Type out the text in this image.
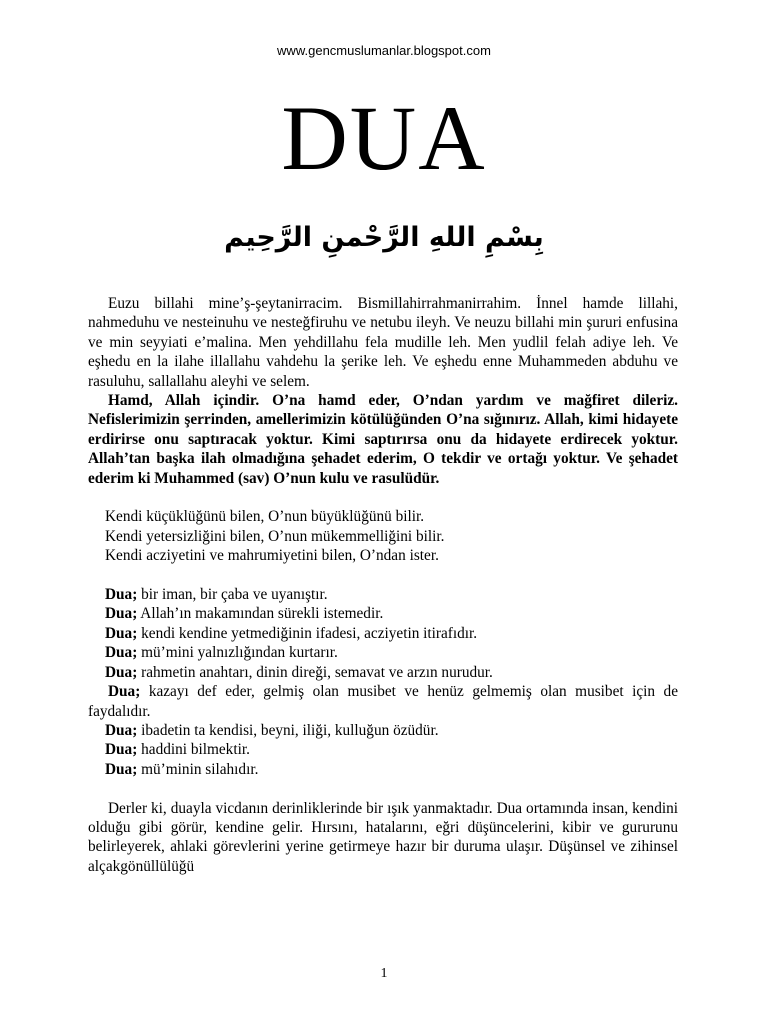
www.gencmuslumanlar.blogspot.com
DUA
بِسْمِ اللهِ الرَّحْمنِ الرَّحِيم

Euzu billahi mine’ş-şeytanirracim. Bismillahirrahmanirrahim. İnnel hamde lillahi, nahmeduhu ve nesteinuhu ve nesteğfiruhu ve netubu ileyh. Ve neuzu billahi min şururi enfusina ve min seyyiati e’malina. Men yehdillahu fela mudille leh. Men yudlil felah adiye leh. Ve eşhedu en la ilahe illallahu vahdehu la şerike leh. Ve eşhedu enne Muhammeden abduhu ve rasuluhu, sallallahu aleyhi ve selem.

Hamd, Allah içindir. O’na hamd eder, O’ndan yardım ve mağfiret dileriz. Nefislerimizin şerrinden, amellerimizin kötülüğünden O’na sığınırız. Allah, kimi hidayete erdirirse onu saptıracak yoktur. Kimi saptırırsa onu da hidayete erdirecek yoktur. Allah’tan başka ilah olmadığına şehadet ederim, O tekdir ve ortağı yoktur. Ve şehadet ederim ki Muhammed (sav) O’nun kulu ve rasulüdür.

Kendi küçüklüğünü bilen, O’nun büyüklüğünü bilir.

Kendi yetersizliğini bilen, O’nun mükemmelliğini bilir.

Kendi acziyetini ve mahrumiyetini bilen, O’ndan ister.

Dua; bir iman, bir çaba ve uyanıştır.

Dua; Allah’ın makamından sürekli istemedir.

Dua; kendi kendine yetmediğinin ifadesi, acziyetin itirafıdır.

Dua; mü’mini yalnızlığından kurtarır.

Dua; rahmetin anahtarı, dinin direği, semavat ve arzın nurudur.

Dua; kazayı def eder, gelmiş olan musibet ve henüz gelmemiş olan musibet için de faydalıdır.

Dua; ibadetin ta kendisi, beyni, iliği, kulluğun özüdür.

Dua; haddini bilmektir.

Dua; mü’minin silahıdır.

Derler ki, duayla vicdanın derinliklerinde bir ışık yanmaktadır. Dua ortamında insan, kendini olduğu gibi görür, kendine gelir. Hırsını, hatalarını, eğri düşüncelerini, kibir ve gururunu belirleyerek, ahlaki görevlerini yerine getirmeye hazır bir duruma ulaşır. Düşünsel ve zihinsel alçakgönüllülüğü

1
